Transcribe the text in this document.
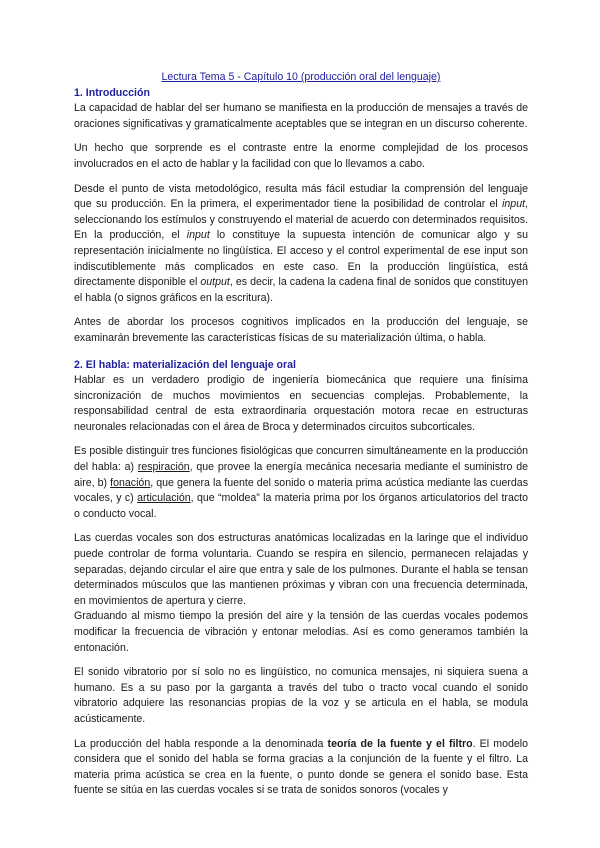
Lectura Tema 5 - Capítulo 10 (producción oral del lenguaje)
1. Introducción

La capacidad de hablar del ser humano se manifiesta en la producción de mensajes a través de oraciones significativas y gramaticalmente aceptables que se integran en un discurso coherente.

Un hecho que sorprende es el contraste entre la enorme complejidad de los procesos involucrados en el acto de hablar y la facilidad con que lo llevamos a cabo.

Desde el punto de vista metodológico, resulta más fácil estudiar la comprensión del lenguaje que su producción. En la primera, el experimentador tiene la posibilidad de controlar el input, seleccionando los estímulos y construyendo el material de acuerdo con determinados requisitos. En la producción, el input lo constituye la supuesta intención de comunicar algo y su representación inicialmente no lingüística. El acceso y el control experimental de ese input son indiscutiblemente más complicados en este caso. En la producción lingüística, está directamente disponible el output, es decir, la cadena la cadena final de sonidos que constituyen el habla (o signos gráficos en la escritura).

Antes de abordar los procesos cognitivos implicados en la producción del lenguaje, se examinarán brevemente las características físicas de su materialización última, o habla.

2. El habla: materialización del lenguaje oral

Hablar es un verdadero prodigio de ingeniería biomecánica que requiere una finísima sincronización de muchos movimientos en secuencias complejas. Probablemente, la responsabilidad central de esta extraordinaria orquestación motora recae en estructuras neuronales relacionadas con el área de Broca y determinados circuitos subcorticales.

Es posible distinguir tres funciones fisiológicas que concurren simultáneamente en la producción del habla: a) respiración, que provee la energía mecánica necesaria mediante el suministro de aire, b) fonación, que genera la fuente del sonido o materia prima acústica mediante las cuerdas vocales, y c) articulación, que “moldea” la materia prima por los órganos articulatorios del tracto o conducto vocal.

Las cuerdas vocales son dos estructuras anatómicas localizadas en la laringe que el individuo puede controlar de forma voluntaria. Cuando se respira en silencio, permanecen relajadas y separadas, dejando circular el aire que entra y sale de los pulmones. Durante el habla se tensan determinados músculos que las mantienen próximas y vibran con una frecuencia determinada, en movimientos de apertura y cierre.

Graduando al mismo tiempo la presión del aire y la tensión de las cuerdas vocales podemos modificar la frecuencia de vibración y entonar melodías. Así es como generamos también la entonación.

El sonido vibratorio por sí solo no es lingüístico, no comunica mensajes, ni siquiera suena a humano. Es a su paso por la garganta a través del tubo o tracto vocal cuando el sonido vibratorio adquiere las resonancias propias de la voz y se articula en el habla, se modula acústicamente.

La producción del habla responde a la denominada teoría de la fuente y el filtro. El modelo considera que el sonido del habla se forma gracias a la conjunción de la fuente y el filtro. La materia prima acústica se crea en la fuente, o punto donde se genera el sonido base. Esta fuente se sitúa en las cuerdas vocales si se trata de sonidos sonoros (vocales y
